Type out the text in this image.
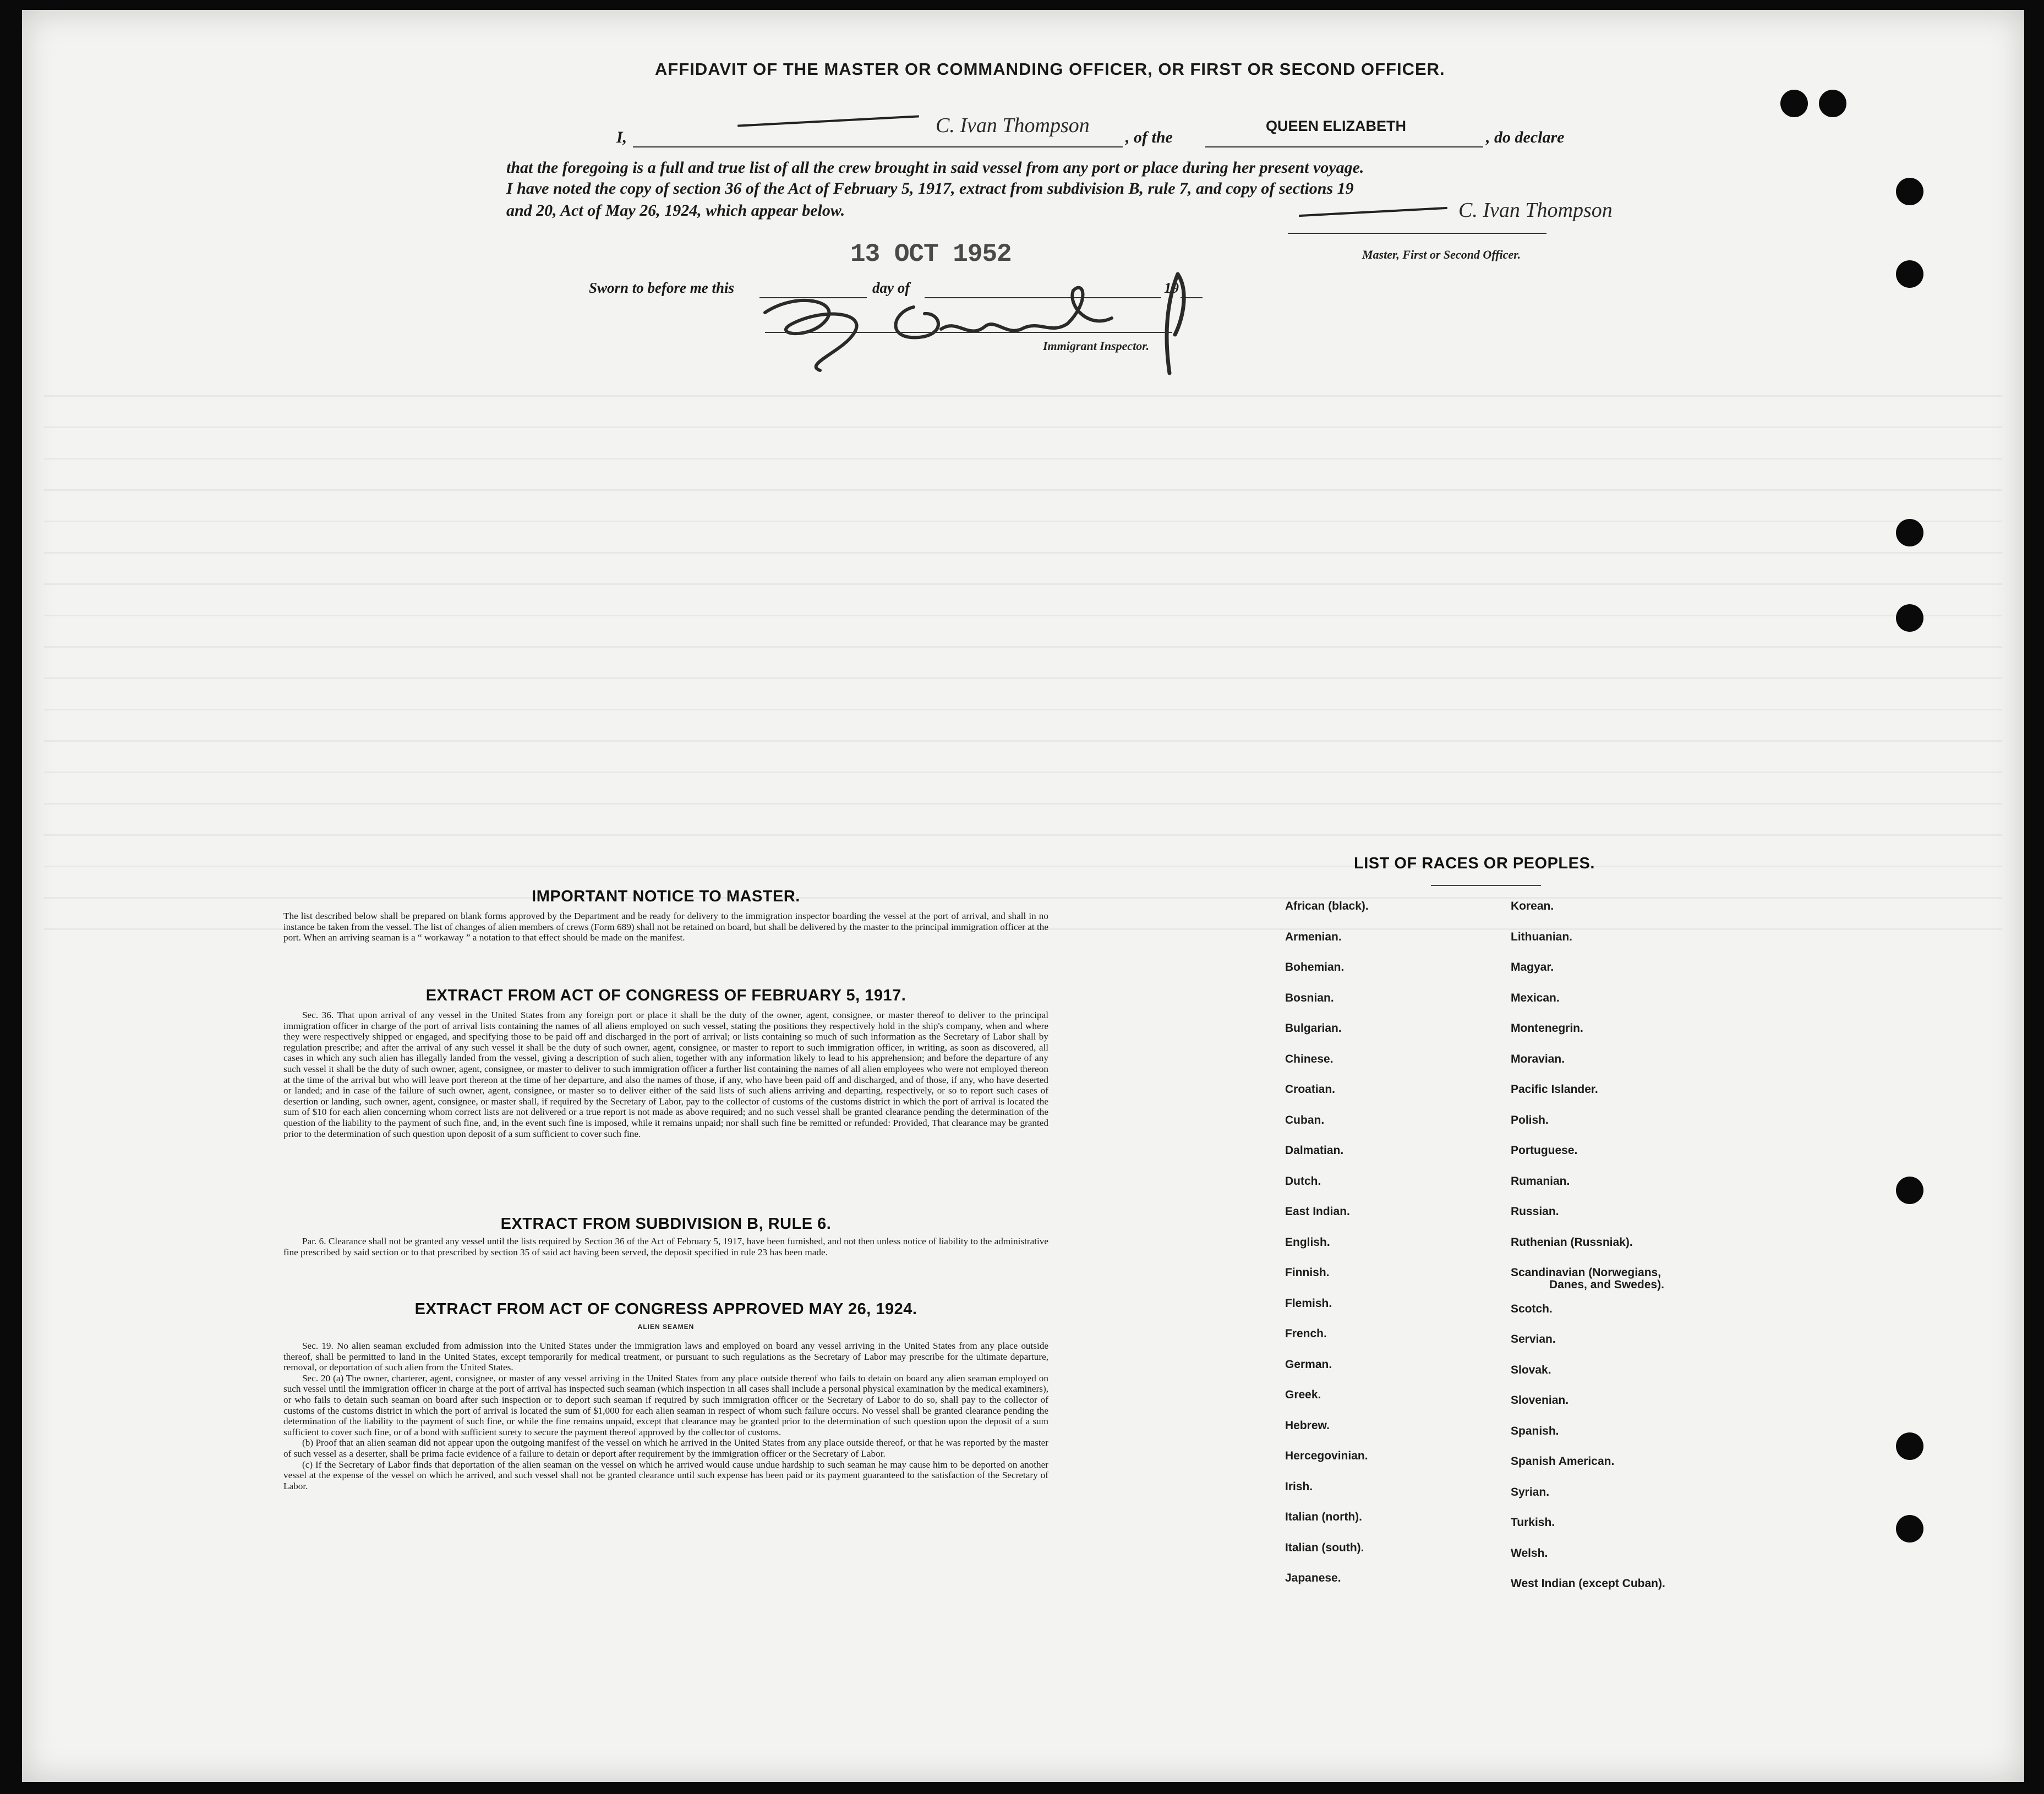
AFFIDAVIT OF THE MASTER OR COMMANDING OFFICER, OR FIRST OR SECOND OFFICER.
I,
C. Ivan Thompson
, of the
QUEEN ELIZABETH
, do declare
that the foregoing is a full and true list of all the crew brought in said vessel from any port or place during her present voyage.
I have noted the copy of section 36 of the Act of February 5, 1917, extract from subdivision B, rule 7, and copy of sections 19
and 20, Act of May 26, 1924, which appear below.	C. Ivan Thompson
Master, First or Second Officer.
13 OCT 1952
Sworn to before me this	day of	19
Immigrant Inspector.
IMPORTANT NOTICE TO MASTER.

The list described below shall be prepared on blank forms approved by the Department and be ready for delivery to the immigration inspector boarding the vessel at the port of arrival, and shall in no instance be taken from the vessel. The list of changes of alien members of crews (Form 689) shall not be retained on board, but shall be delivered by the master to the principal immigration officer at the port. When an arriving seaman is a “ workaway ” a notation to that effect should be made on the manifest.

EXTRACT FROM ACT OF CONGRESS OF FEBRUARY 5, 1917.

Sec. 36. That upon arrival of any vessel in the United States from any foreign port or place it shall be the duty of the owner, agent, consignee, or master thereof to deliver to the principal immigration officer in charge of the port of arrival lists containing the names of all aliens employed on such vessel, stating the positions they respectively hold in the ship's company, when and where they were respectively shipped or engaged, and specifying those to be paid off and discharged in the port of arrival; or lists containing so much of such information as the Secretary of Labor shall by regulation prescribe; and after the arrival of any such vessel it shall be the duty of such owner, agent, consignee, or master to report to such immigration officer, in writing, as soon as discovered, all cases in which any such alien has illegally landed from the vessel, giving a description of such alien, together with any information likely to lead to his apprehension; and before the departure of any such vessel it shall be the duty of such owner, agent, consignee, or master to deliver to such immigration officer a further list containing the names of all alien employees who were not employed thereon at the time of the arrival but who will leave port thereon at the time of her departure, and also the names of those, if any, who have been paid off and discharged, and of those, if any, who have deserted or landed; and in case of the failure of such owner, agent, consignee, or master so to deliver either of the said lists of such aliens arriving and departing, respectively, or so to report such cases of desertion or landing, such owner, agent, consignee, or master shall, if required by the Secretary of Labor, pay to the collector of customs of the customs district in which the port of arrival is located the sum of $10 for each alien concerning whom correct lists are not delivered or a true report is not made as above required; and no such vessel shall be granted clearance pending the determination of the question of the liability to the payment of such fine, and, in the event such fine is imposed, while it remains unpaid; nor shall such fine be remitted or refunded: Provided, That clearance may be granted prior to the determination of such question upon deposit of a sum sufficient to cover such fine.

EXTRACT FROM SUBDIVISION B, RULE 6.

Par. 6. Clearance shall not be granted any vessel until the lists required by Section 36 of the Act of February 5, 1917, have been furnished, and not then unless notice of liability to the administrative fine prescribed by said section or to that prescribed by section 35 of said act having been served, the deposit specified in rule 23 has been made.

EXTRACT FROM ACT OF CONGRESS APPROVED MAY 26, 1924.
ALIEN SEAMEN

Sec. 19. No alien seaman excluded from admission into the United States under the immigration laws and employed on board any vessel arriving in the United States from any place outside thereof, shall be permitted to land in the United States, except temporarily for medical treatment, or pursuant to such regulations as the Secretary of Labor may prescribe for the ultimate departure, removal, or deportation of such alien from the United States.

Sec. 20 (a) The owner, charterer, agent, consignee, or master of any vessel arriving in the United States from any place outside thereof who fails to detain on board any alien seaman employed on such vessel until the immigration officer in charge at the port of arrival has inspected such seaman (which inspection in all cases shall include a personal physical examination by the medical examiners), or who fails to detain such seaman on board after such inspection or to deport such seaman if required by such immigration officer or the Secretary of Labor to do so, shall pay to the collector of customs of the customs district in which the port of arrival is located the sum of $1,000 for each alien seaman in respect of whom such failure occurs. No vessel shall be granted clearance pending the determination of the liability to the payment of such fine, or while the fine remains unpaid, except that clearance may be granted prior to the determination of such question upon the deposit of a sum sufficient to cover such fine, or of a bond with sufficient surety to secure the payment thereof approved by the collector of customs.

(b) Proof that an alien seaman did not appear upon the outgoing manifest of the vessel on which he arrived in the United States from any place outside thereof, or that he was reported by the master of such vessel as a deserter, shall be prima facie evidence of a failure to detain or deport after requirement by the immigration officer or the Secretary of Labor.

(c) If the Secretary of Labor finds that deportation of the alien seaman on the vessel on which he arrived would cause undue hardship to such seaman he may cause him to be deported on another vessel at the expense of the vessel on which he arrived, and such vessel shall not be granted clearance until such expense has been paid or its payment guaranteed to the satisfaction of the Secretary of Labor.

LIST OF RACES OR PEOPLES.
Danes, and Swedes).
African (black).
Armenian.
Bohemian.
Bosnian.
Bulgarian.
Chinese.
Croatian.
Cuban.
Dalmatian.
Dutch.
East Indian.
English.
Finnish.
Flemish.
French.
German.
Greek.
Hebrew.
Hercegovinian.
Irish.
Italian (north).
Italian (south).
Japanese.
Korean.
Lithuanian.
Magyar.
Mexican.
Montenegrin.
Moravian.
Pacific Islander.
Polish.
Portuguese.
Rumanian.
Russian.
Ruthenian (Russniak).
Scandinavian (Norwegians,
Scotch.
Servian.
Slovak.
Slovenian.
Spanish.
Spanish American.
Syrian.
Turkish.
Welsh.
West Indian (except Cuban).
